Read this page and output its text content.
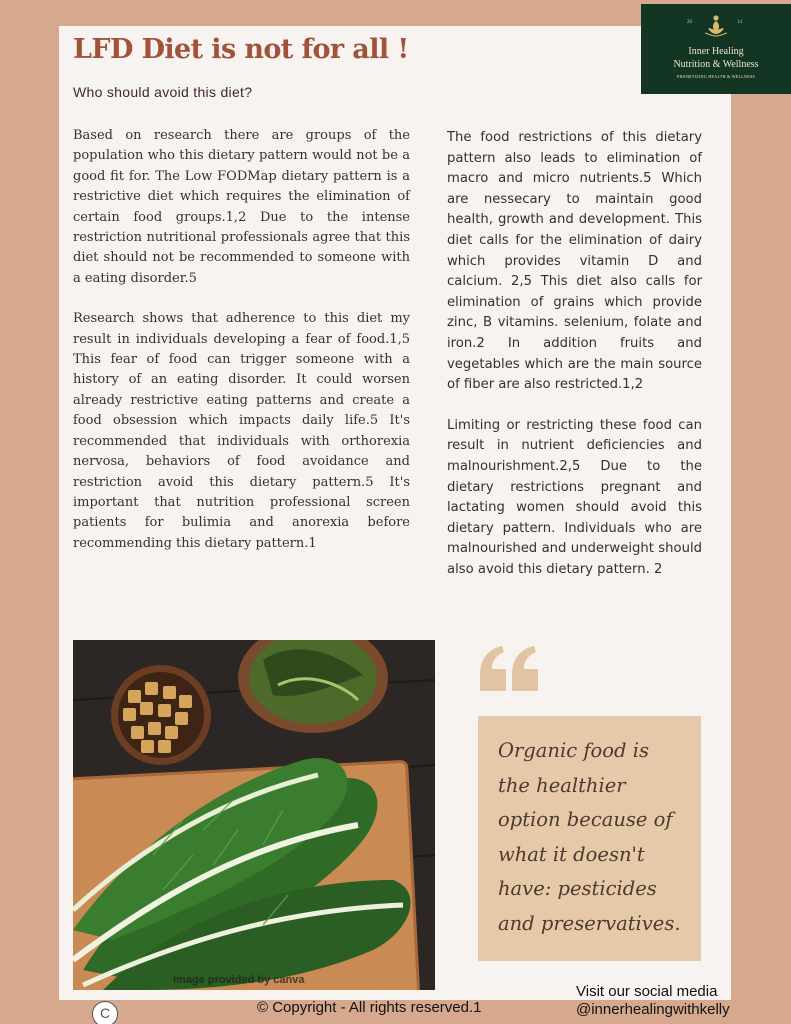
20	14
Inner Healing
Nutrition & Wellness
PRIORITIZING HEALTH & WELLNESS
LFD Diet is not for all !
Who should avoid this diet?

Based on research there are groups of the population who this dietary pattern would not be a good fit for. The Low FODMap dietary pattern is a restrictive diet which requires the elimination of certain food groups.1,2 Due to the intense restriction nutritional professionals agree that this diet should not be recommended to someone with a eating disorder.5

Research shows that adherence to this diet my result in individuals developing a fear of food.1,5 This fear of food can trigger someone with a history of an eating disorder. It could worsen already restrictive eating patterns and create a food obsession which impacts daily life.5 It's recommended that individuals with orthorexia nervosa, behaviors of food avoidance and restriction avoid this dietary pattern.5 It's important that nutrition professional screen patients for bulimia and anorexia before recommending this dietary pattern.1

The food restrictions of this dietary pattern also leads to elimination of macro and micro nutrients.5 Which are nessecary to maintain good health, growth and development. This diet calls for the elimination of dairy which provides vitamin D and calcium. 2,5 This diet also calls for elimination of grains which provide zinc, B vitamins. selenium, folate and iron.2 In addition fruits and vegetables which are the main source of fiber are also restricted.1,2

Limiting or restricting these food can result in nutrient deficiencies and malnourishment.2,5 Due to the dietary restrictions pregnant and lactating women should avoid this dietary pattern. Individuals who are malnourished and underweight should also avoid this dietary pattern. 2

Image provided by canva
Organic food is the healthier option because of what it doesn't have: pesticides and preservatives.
C	© Copyright - All rights reserved.1
Visit our social media
@innerhealingwithkelly
